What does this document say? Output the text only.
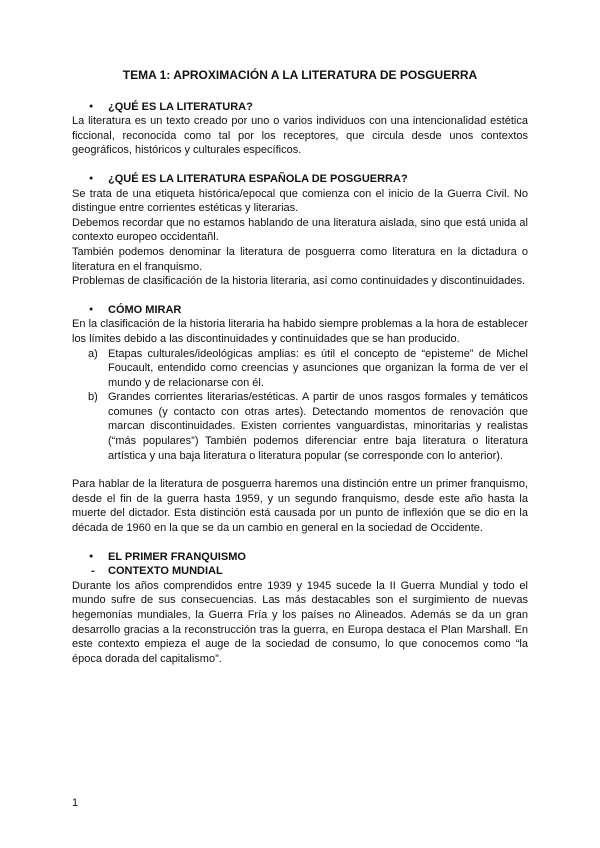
TEMA 1: APROXIMACIÓN A LA LITERATURA DE POSGUERRA
● ¿QUÉ ES LA LITERATURA?

La literatura es un texto creado por uno o varios individuos con una intencionalidad estética ficcional, reconocida como tal por los receptores, que circula desde unos contextos geográficos, históricos y culturales específicos.

● ¿QUÉ ES LA LITERATURA ESPAÑOLA DE POSGUERRA?

Se trata de una etiqueta histórica/epocal que comienza con el inicio de la Guerra Civil. No distingue entre corrientes estéticas y literarias.

Debemos recordar que no estamos hablando de una literatura aislada, sino que está unida al contexto europeo occidentañl.

También podemos denominar la literatura de posguerra como literatura en la dictadura o literatura en el franquismo.

Problemas de clasificación de la historia literaria, así como continuidades y discontinuidades.

● CÓMO MIRAR

En la clasificación de la historia literaria ha habido siempre problemas a la hora de establecer los límites debido a las discontinuidades y continuidades que se han producido.

a) Etapas culturales/ideológicas amplias: es útil el concepto de “episteme” de Michel Foucault, entendido como creencias y asunciones que organizan la forma de ver el mundo y de relacionarse con él.
b) Grandes corrientes literarias/estéticas. A partir de unos rasgos formales y temáticos comunes (y contacto con otras artes). Detectando momentos de renovación que marcan discontinuidades. Existen corrientes vanguardistas, minoritarias y realistas (“más populares”) También podemos diferenciar entre baja literatura o literatura artística y una baja literatura o literatura popular (se corresponde con lo anterior).

Para hablar de la literatura de posguerra haremos una distinción entre un primer franquismo, desde el fin de la guerra hasta 1959, y un segundo franquismo, desde este año hasta la muerte del dictador. Esta distinción está causada por un punto de inflexión que se dio en la década de 1960 en la que se da un cambio en general en la sociedad de Occidente.

● EL PRIMER FRANQUISMO
- CONTEXTO MUNDIAL

Durante los años comprendidos entre 1939 y 1945 sucede la II Guerra Mundial y todo el mundo sufre de sus consecuencias. Las más destacables son el surgimiento de nuevas hegemonías mundiales, la Guerra Fría y los países no Alineados. Además se da un gran desarrollo gracias a la reconstrucción tras la guerra, en Europa destaca el Plan Marshall. En este contexto empieza el auge de la sociedad de consumo, lo que conocemos como “la época dorada del capitalismo”.

1
